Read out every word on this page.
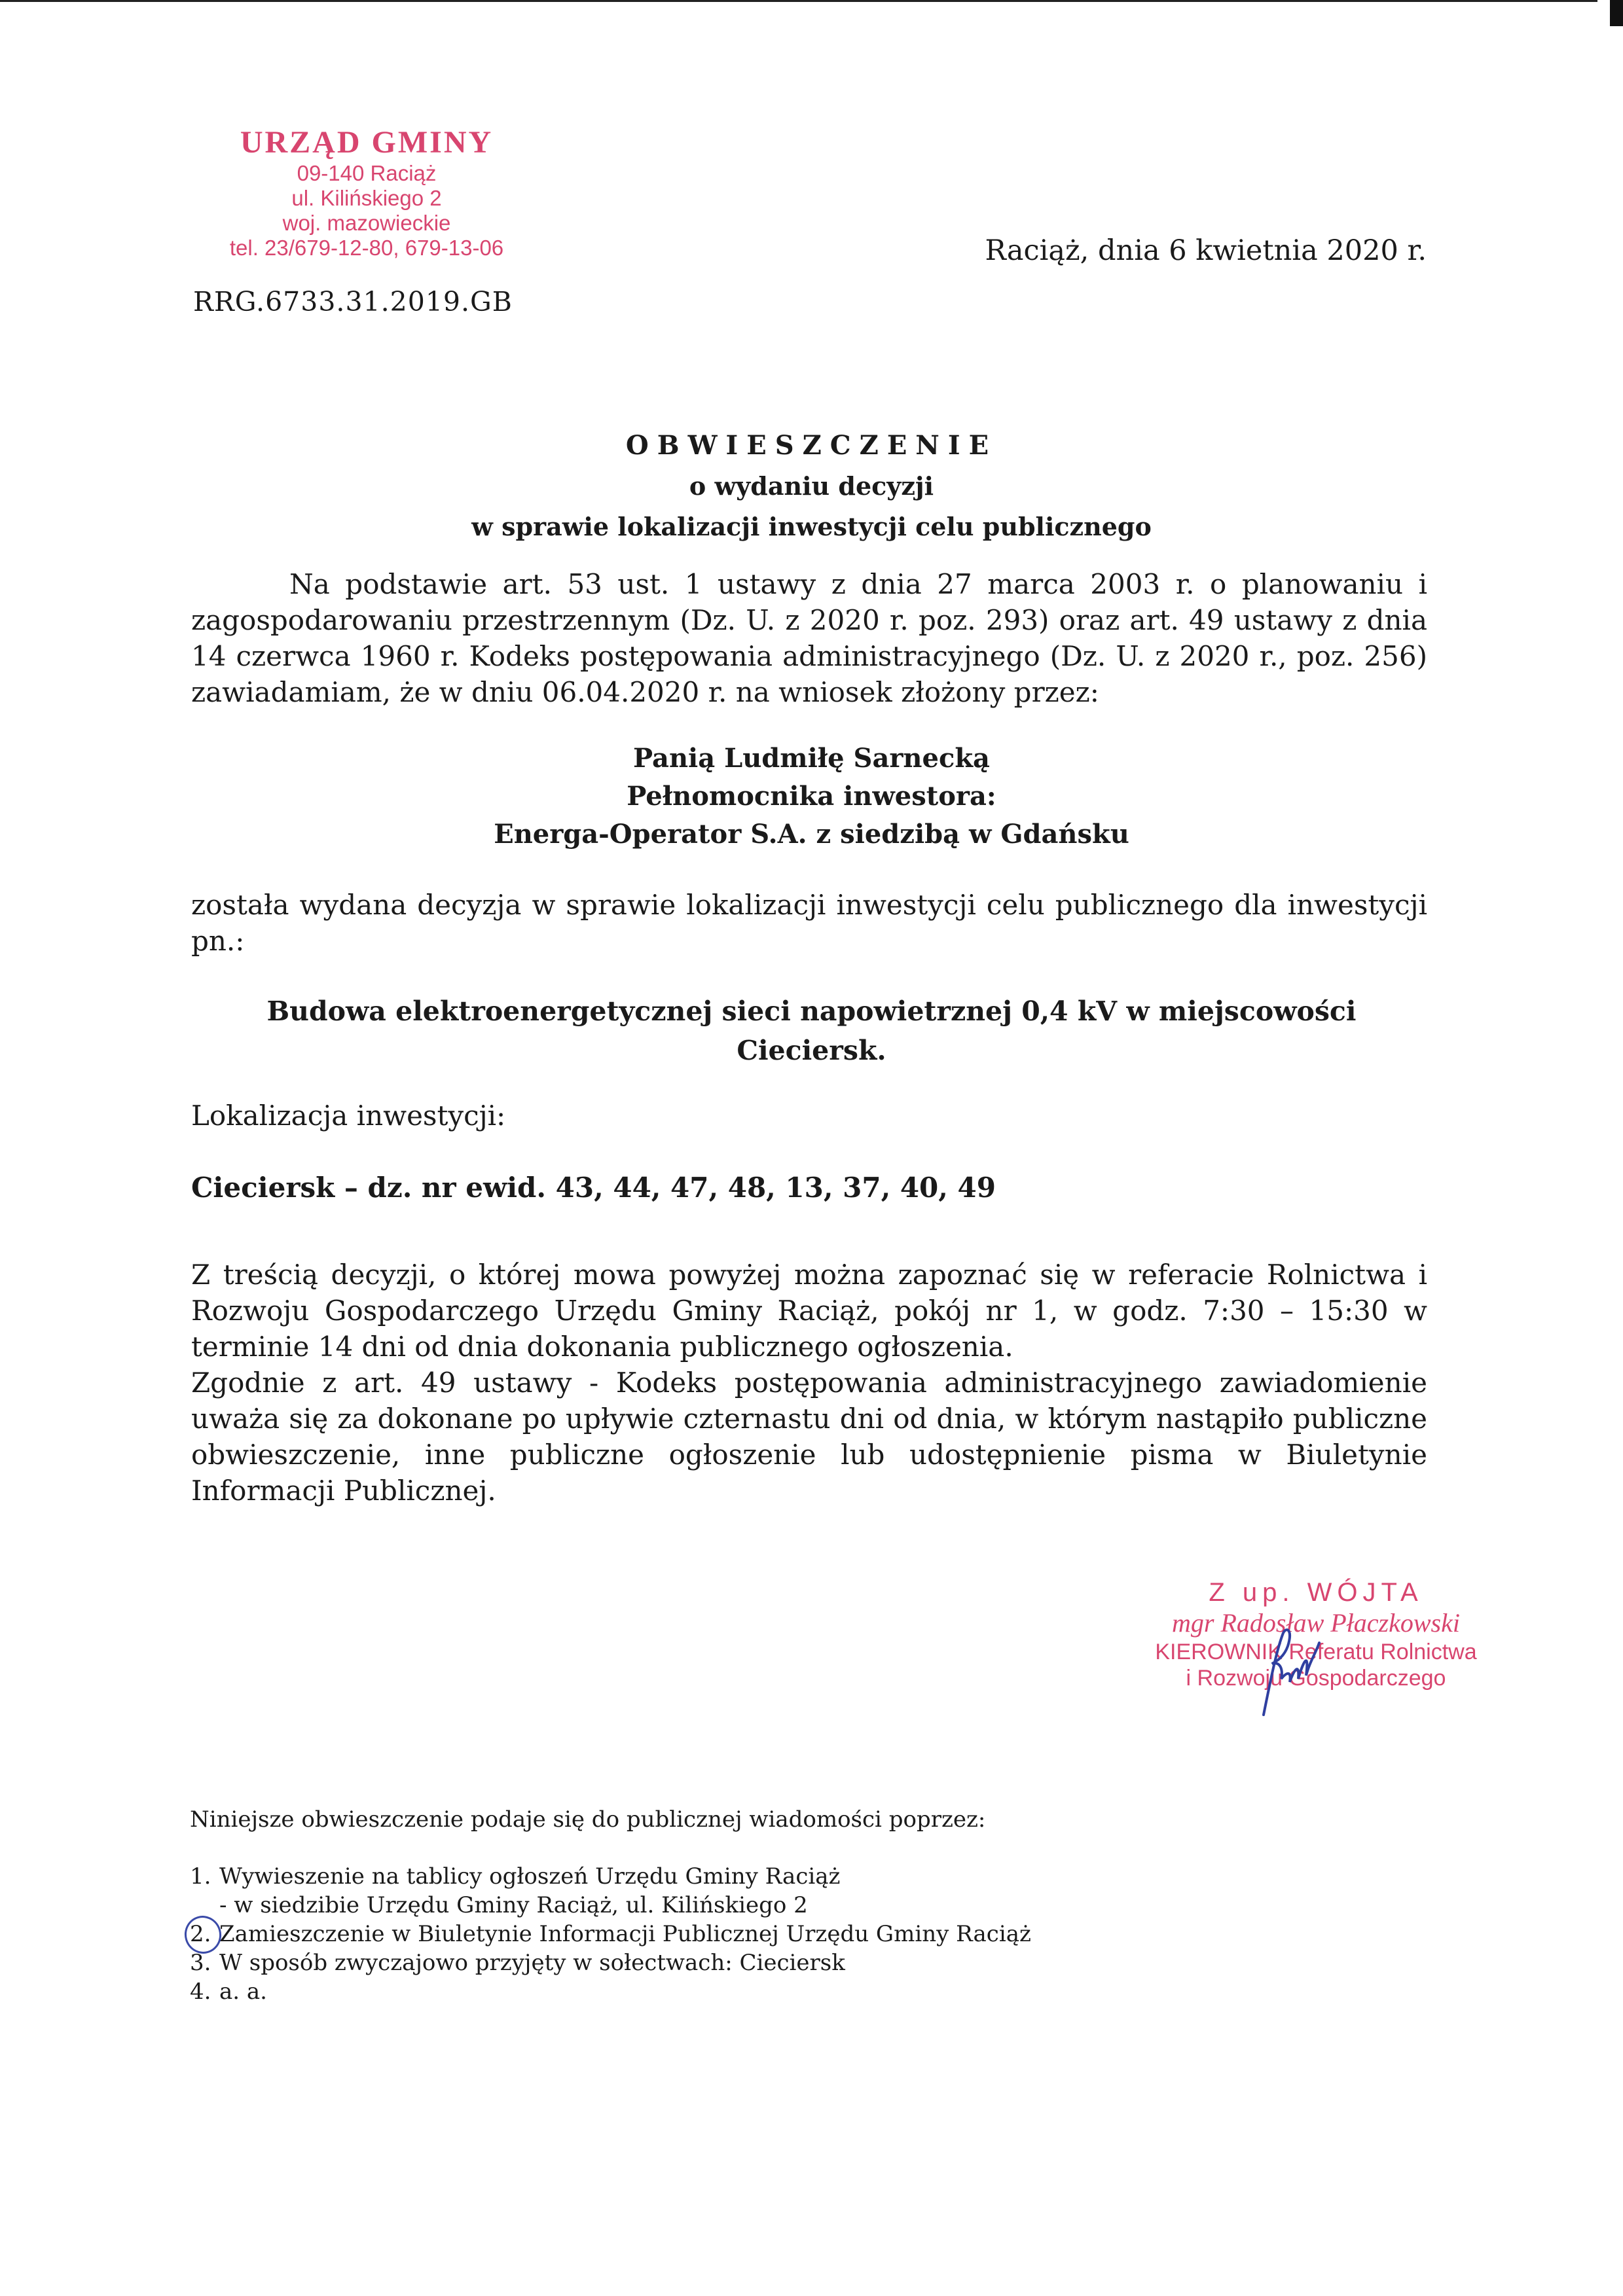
URZĄD GMINY
09-140 Raciąż
ul. Kilińskiego 2
woj. mazowieckie
tel. 23/679-12-80, 679-13-06
RRG.6733.31.2019.GB
Raciąż, dnia 6 kwietnia 2020 r.
OBWIESZCZENIE
o wydaniu decyzji
w sprawie lokalizacji inwestycji celu publicznego
Na podstawie art. 53 ust. 1 ustawy z dnia 27 marca 2003 r. o planowaniu i zagospodarowaniu przestrzennym (Dz. U. z 2020 r. poz. 293) oraz art. 49 ustawy z dnia 14 czerwca 1960 r. Kodeks postępowania administracyjnego (Dz. U. z 2020 r., poz. 256) zawiadamiam, że w dniu 06.04.2020 r. na wniosek złożony przez:
Panią Ludmiłę Sarnecką
Pełnomocnika inwestora:
Energa-Operator S.A. z siedzibą w Gdańsku
została wydana decyzja w sprawie lokalizacji inwestycji celu publicznego dla inwestycji pn.:
Budowa elektroenergetycznej sieci napowietrznej 0,4 kV w miejscowości
Cieciersk.
Lokalizacja inwestycji:
Cieciersk – dz. nr ewid. 43, 44, 47, 48, 13, 37, 40, 49
Z treścią decyzji, o której mowa powyżej można zapoznać się w referacie Rolnictwa i Rozwoju Gospodarczego Urzędu Gminy Raciąż, pokój nr 1, w godz. 7:30 – 15:30 w terminie 14 dni od dnia dokonania publicznego ogłoszenia.
Zgodnie z art. 49 ustawy - Kodeks postępowania administracyjnego zawiadomienie uważa się za dokonane po upływie czternastu dni od dnia, w którym nastąpiło publiczne obwieszczenie, inne publiczne ogłoszenie lub udostępnienie pisma w Biuletynie Informacji Publicznej.
Z up. WÓJTA
mgr Radosław Płaczkowski
KIEROWNIK Referatu Rolnictwa
i Rozwoju Gospodarczego
Niniejsze obwieszczenie podaje się do publicznej wiadomości poprzez:
1. Wywieszenie na tablicy ogłoszeń Urzędu Gminy Raciąż
- w siedzibie Urzędu Gminy Raciąż, ul. Kilińskiego 2
2. Zamieszczenie w Biuletynie Informacji Publicznej Urzędu Gminy Raciąż
3. W sposób zwyczajowo przyjęty w sołectwach: Cieciersk
4. a. a.
